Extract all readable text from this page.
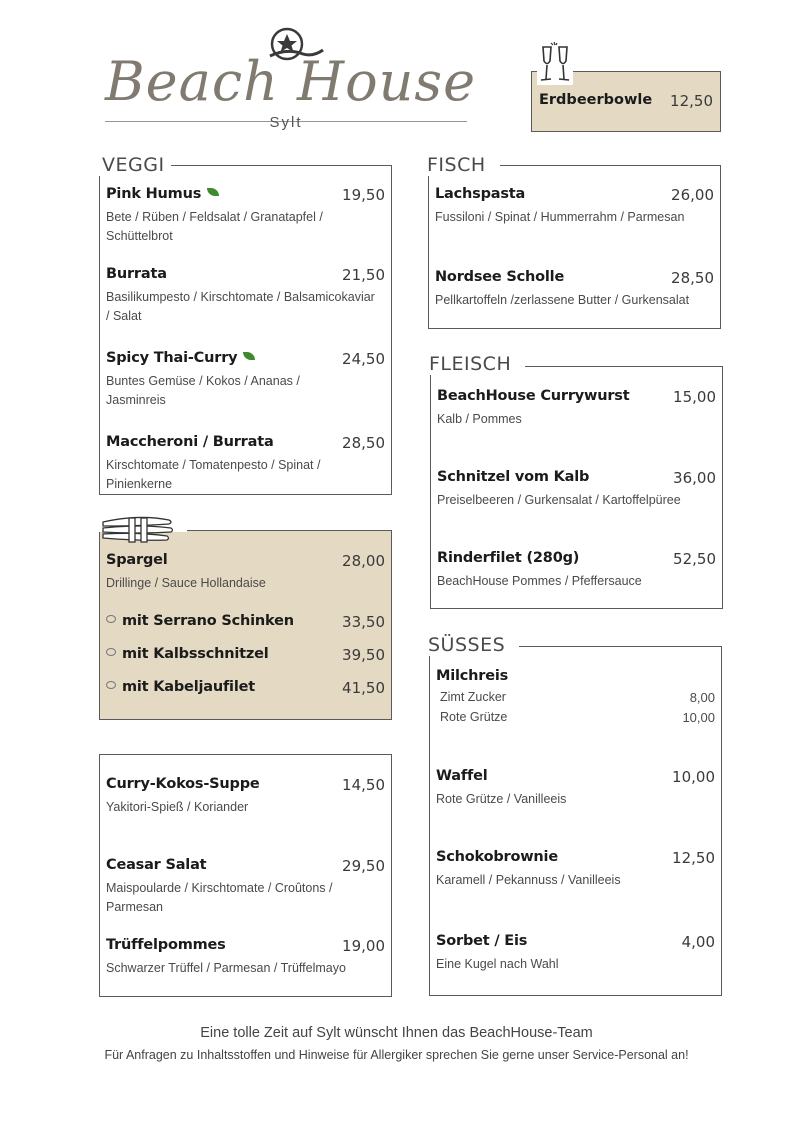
Beach House
Sylt
Erdbeerbowle 12,50
VEGGI
Pink Humus	19,50
Bete / Rüben / Feldsalat / Granatapfel / Schüttelbrot
Burrata	21,50
Basilikumpesto / Kirschtomate / Balsamicokaviar / Salat
Spicy Thai-Curry	24,50
Buntes Gemüse / Kokos / Ananas / Jasminreis
Maccheroni / Burrata	28,50
Kirschtomate / Tomatenpesto / Spinat / Pinienkerne
Spargel	28,00
Drillinge / Sauce Hollandaise
mit Serrano Schinken	33,50
mit Kalbsschnitzel	39,50
mit Kabeljaufilet	41,50
Curry-Kokos-Suppe	14,50
Yakitori-Spieß / Koriander
Ceasar Salat	29,50
Maispoularde / Kirschtomate / Croûtons / Parmesan
Trüffelpommes	19,00
Schwarzer Trüffel / Parmesan / Trüffelmayo
FISCH
Lachspasta	26,00
Fussiloni / Spinat / Hummerrahm / Parmesan
Nordsee Scholle	28,50
Pellkartoffeln /zerlassene Butter / Gurkensalat
FLEISCH
BeachHouse Currywurst	15,00
Kalb / Pommes
Schnitzel vom Kalb	36,00
Preiselbeeren / Gurkensalat / Kartoffelpüree
Rinderfilet (280g)	52,50
BeachHouse Pommes / Pfeffersauce
SÜSSES
Milchreis
Zimt Zucker	8,00
Rote Grütze	10,00
Waffel	10,00
Rote Grütze / Vanilleeis
Schokobrownie	12,50
Karamell / Pekannuss / Vanilleeis
Sorbet / Eis	4,00
Eine Kugel nach Wahl
Eine tolle Zeit auf Sylt wünscht Ihnen das BeachHouse-Team
Für Anfragen zu Inhaltsstoffen und Hinweise für Allergiker sprechen Sie gerne unser Service-Personal an!
